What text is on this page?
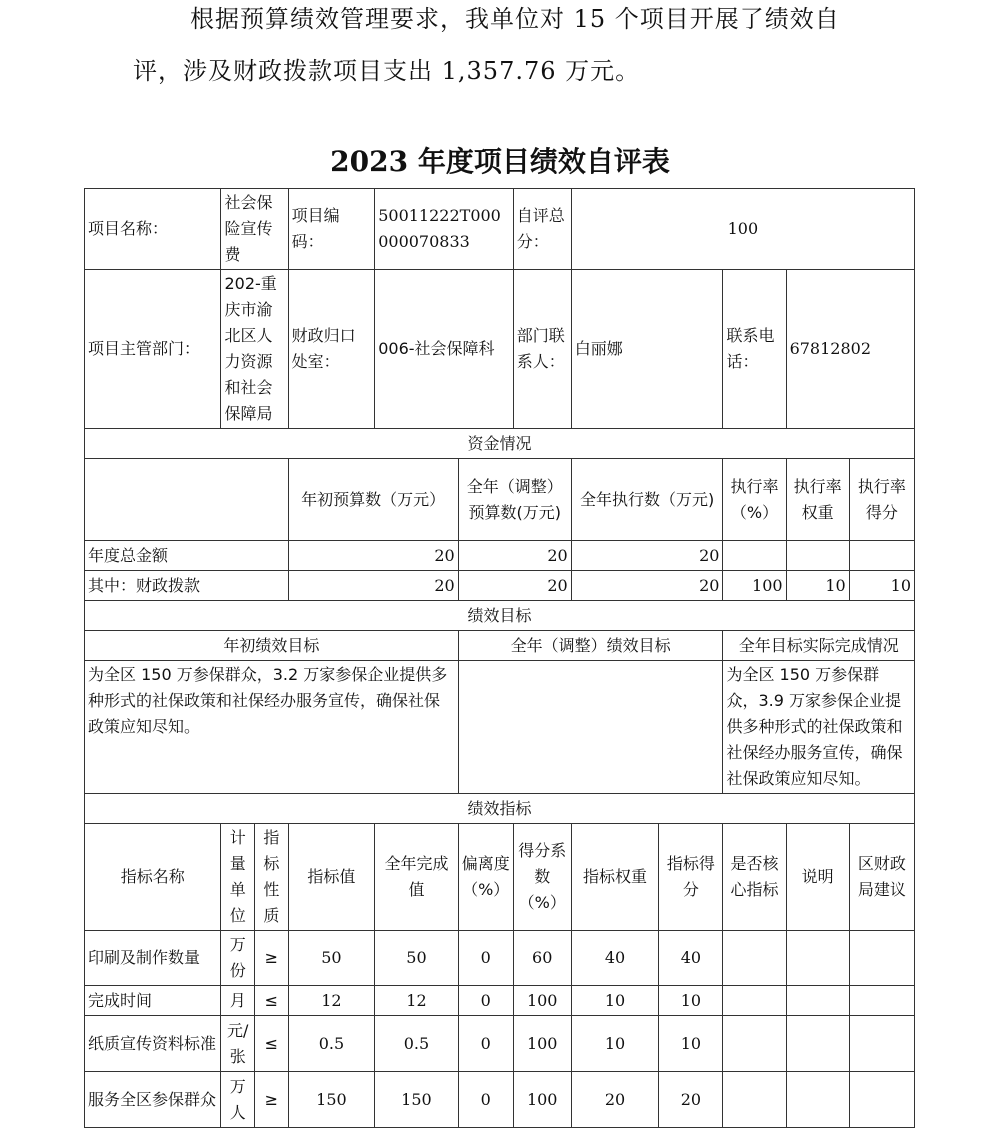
根据预算绩效管理要求，我单位对 15 个项目开展了绩效自
评，涉及财政拨款项目支出 1,357.76 万元。
2023 年度项目绩效自评表
项目名称：	社会保险宣传费		项目编码：	50011222T000000070833		自评总分：	100				
项目主管部门：	202-重庆市渝北区人力资源和社会保障局		财政归口处室：	006-社会保障科		部门联系人：	白丽娜		联系电话：	67812802	
资金情况											
			年初预算数（万元）		全年（调整）预算数(万元)		全年执行数（万元)		执行率（%）	执行率权重	执行率得分
年度总金额			20		20		20				
其中：财政拨款			20		20		20		100	10	10
绩效目标											
年初绩效目标					全年（调整）绩效目标				全年目标实际完成情况		
为全区 150 万参保群众，3.2 万家参保企业提供多种形式的社保政策和社保经办服务宣传，确保社保政策应知尽知。									为全区 150 万参保群众，3.9 万家参保企业提供多种形式的社保政策和社保经办服务宣传，确保社保政策应知尽知。		
绩效指标											
指标名称	计量单位	指标性质	指标值	全年完成值	偏离度（%）	得分系数（%）	指标权重	指标得分	是否核心指标	说明	区财政局建议
印刷及制作数量	万份	≥	50	50	0	60	40	40			
完成时间	月	≤	12	12	0	100	10	10			
纸质宣传资料标准	元/张	≤	0.5	0.5	0	100	10	10			
服务全区参保群众	万人	≥	150	150	0	100	20	20			
